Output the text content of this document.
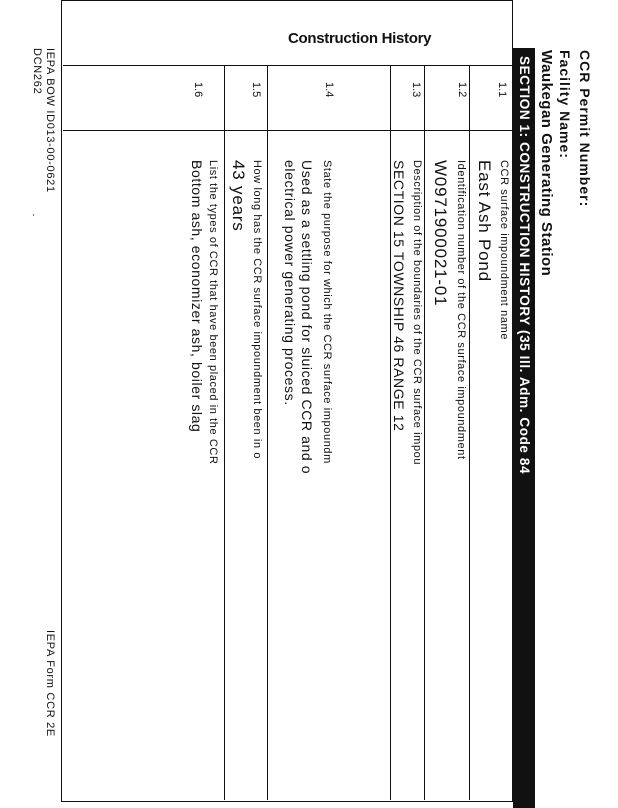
CCR Permit Number:
Facility Name:
Waukegan Generating Station
SECTION 1: CONSTRUCTION HISTORY (35 Ill. Adm. Code 84
Construction History
1.1
CCR surface impoundment name
East Ash Pond
1.2
Identification number of the CCR surface impoundment
W0971900021-01
1.3
Description of the boundaries of the CCR surface impou
SECTION 15 TOWNSHIP 46 RANGE 12
1.4
State the purpose for which the CCR surface impoundm
Used as a settling pond for sluiced CCR and o
electrical power generating process.
1.5
How long has the CCR surface impoundment been in o
43 years
1.6
List the types of CCR that have been placed in the CCR
Bottom ash, economizer ash, boiler slag
IEPA BOW ID013-00-0621
DCN262
IEPA Form CCR 2E
